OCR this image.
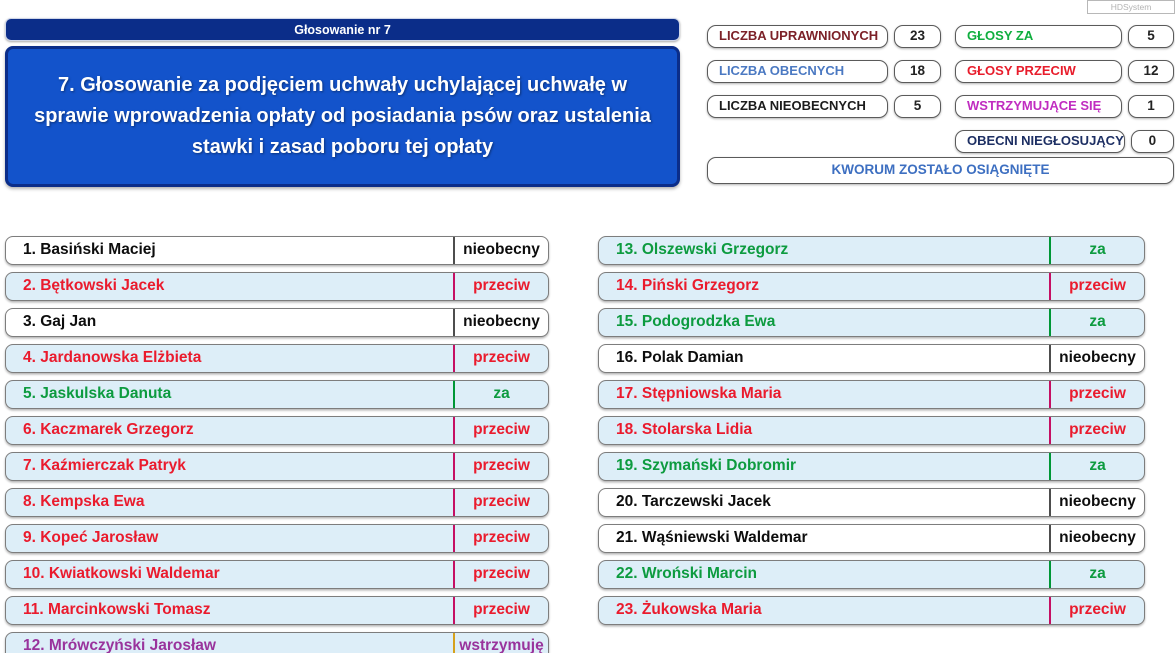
HDSystem
Głosowanie nr 7
7. Głosowanie za podjęciem uchwały uchylającej uchwałę w sprawie wprowadzenia opłaty od posiadania psów oraz ustalenia stawki i zasad poboru tej opłaty
LICZBA UPRAWNIONYCH	23
LICZBA OBECNYCH	18
LICZBA NIEOBECNYCH	5
GŁOSY ZA	5
GŁOSY PRZECIW	12
WSTRZYMUJĄCE SIĘ	1
OBECNI NIEGŁOSUJĄCY	0
KWORUM ZOSTAŁO OSIĄGNIĘTE
1. Basiński Maciej	nieobecny
2. Bętkowski Jacek	przeciw
3. Gaj Jan	nieobecny
4. Jardanowska Elżbieta	przeciw
5. Jaskulska Danuta	za
6. Kaczmarek Grzegorz	przeciw
7. Kaźmierczak Patryk	przeciw
8. Kempska Ewa	przeciw
9. Kopeć Jarosław	przeciw
10. Kwiatkowski Waldemar	przeciw
11. Marcinkowski Tomasz	przeciw
12. Mrówczyński Jarosław	wstrzymuję
13. Olszewski Grzegorz	za
14. Piński Grzegorz	przeciw
15. Podogrodzka Ewa	za
16. Polak Damian	nieobecny
17. Stępniowska Maria	przeciw
18. Stolarska Lidia	przeciw
19. Szymański Dobromir	za
20. Tarczewski Jacek	nieobecny
21. Wąśniewski Waldemar	nieobecny
22. Wroński Marcin	za
23. Żukowska Maria	przeciw
